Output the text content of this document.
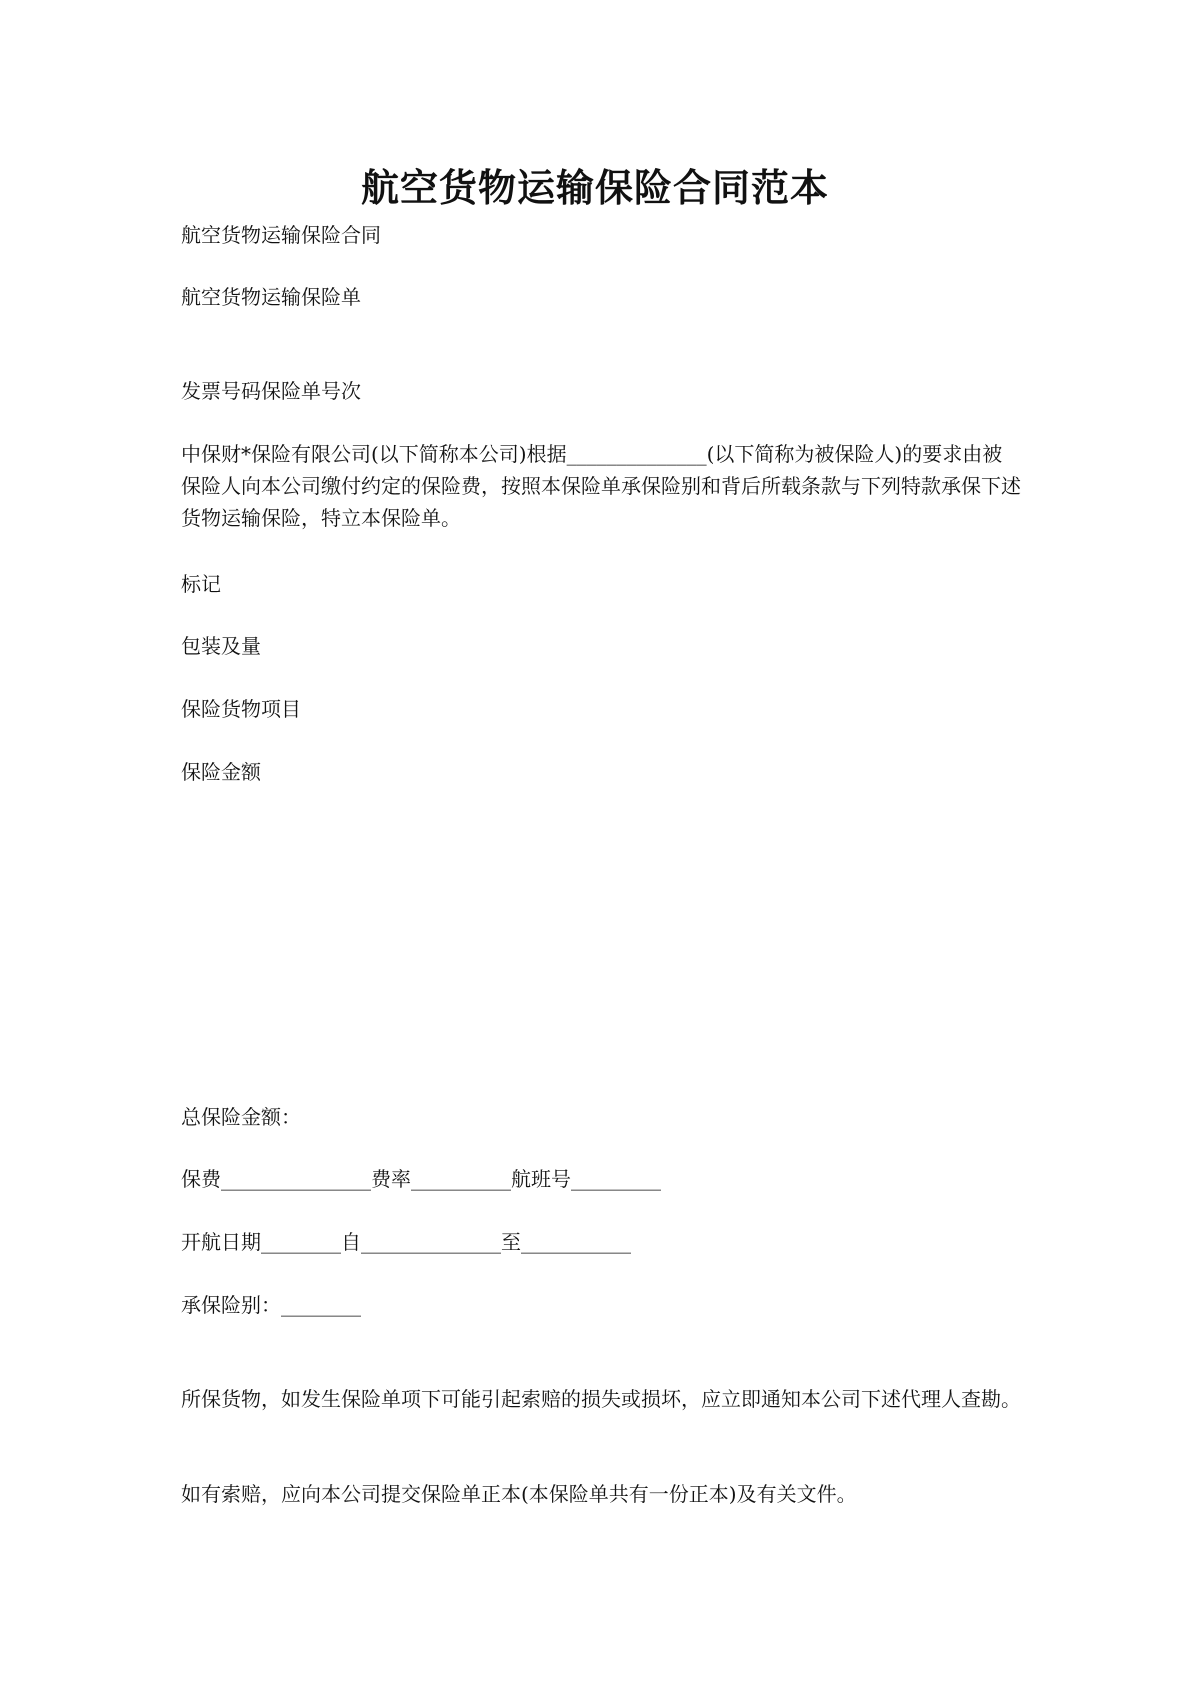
航空货物运输保险合同范本
航空货物运输保险合同
航空货物运输保险单
发票号码保险单号次
中保财*保险有限公司(以下简称本公司)根据______________(以下简称为被保险人)的要求由被保险人向本公司缴付约定的保险费，按照本保险单承保险别和背后所载条款与下列特款承保下述货物运输保险，特立本保险单。
标记
包装及量
保险货物项目
保险金额
总保险金额：
保费_______________费率__________航班号_________
开航日期________自______________至___________
承保险别：________
所保货物，如发生保险单项下可能引起索赔的损失或损坏，应立即通知本公司下述代理人查勘。
如有索赔，应向本公司提交保险单正本(本保险单共有一份正本)及有关文件。
